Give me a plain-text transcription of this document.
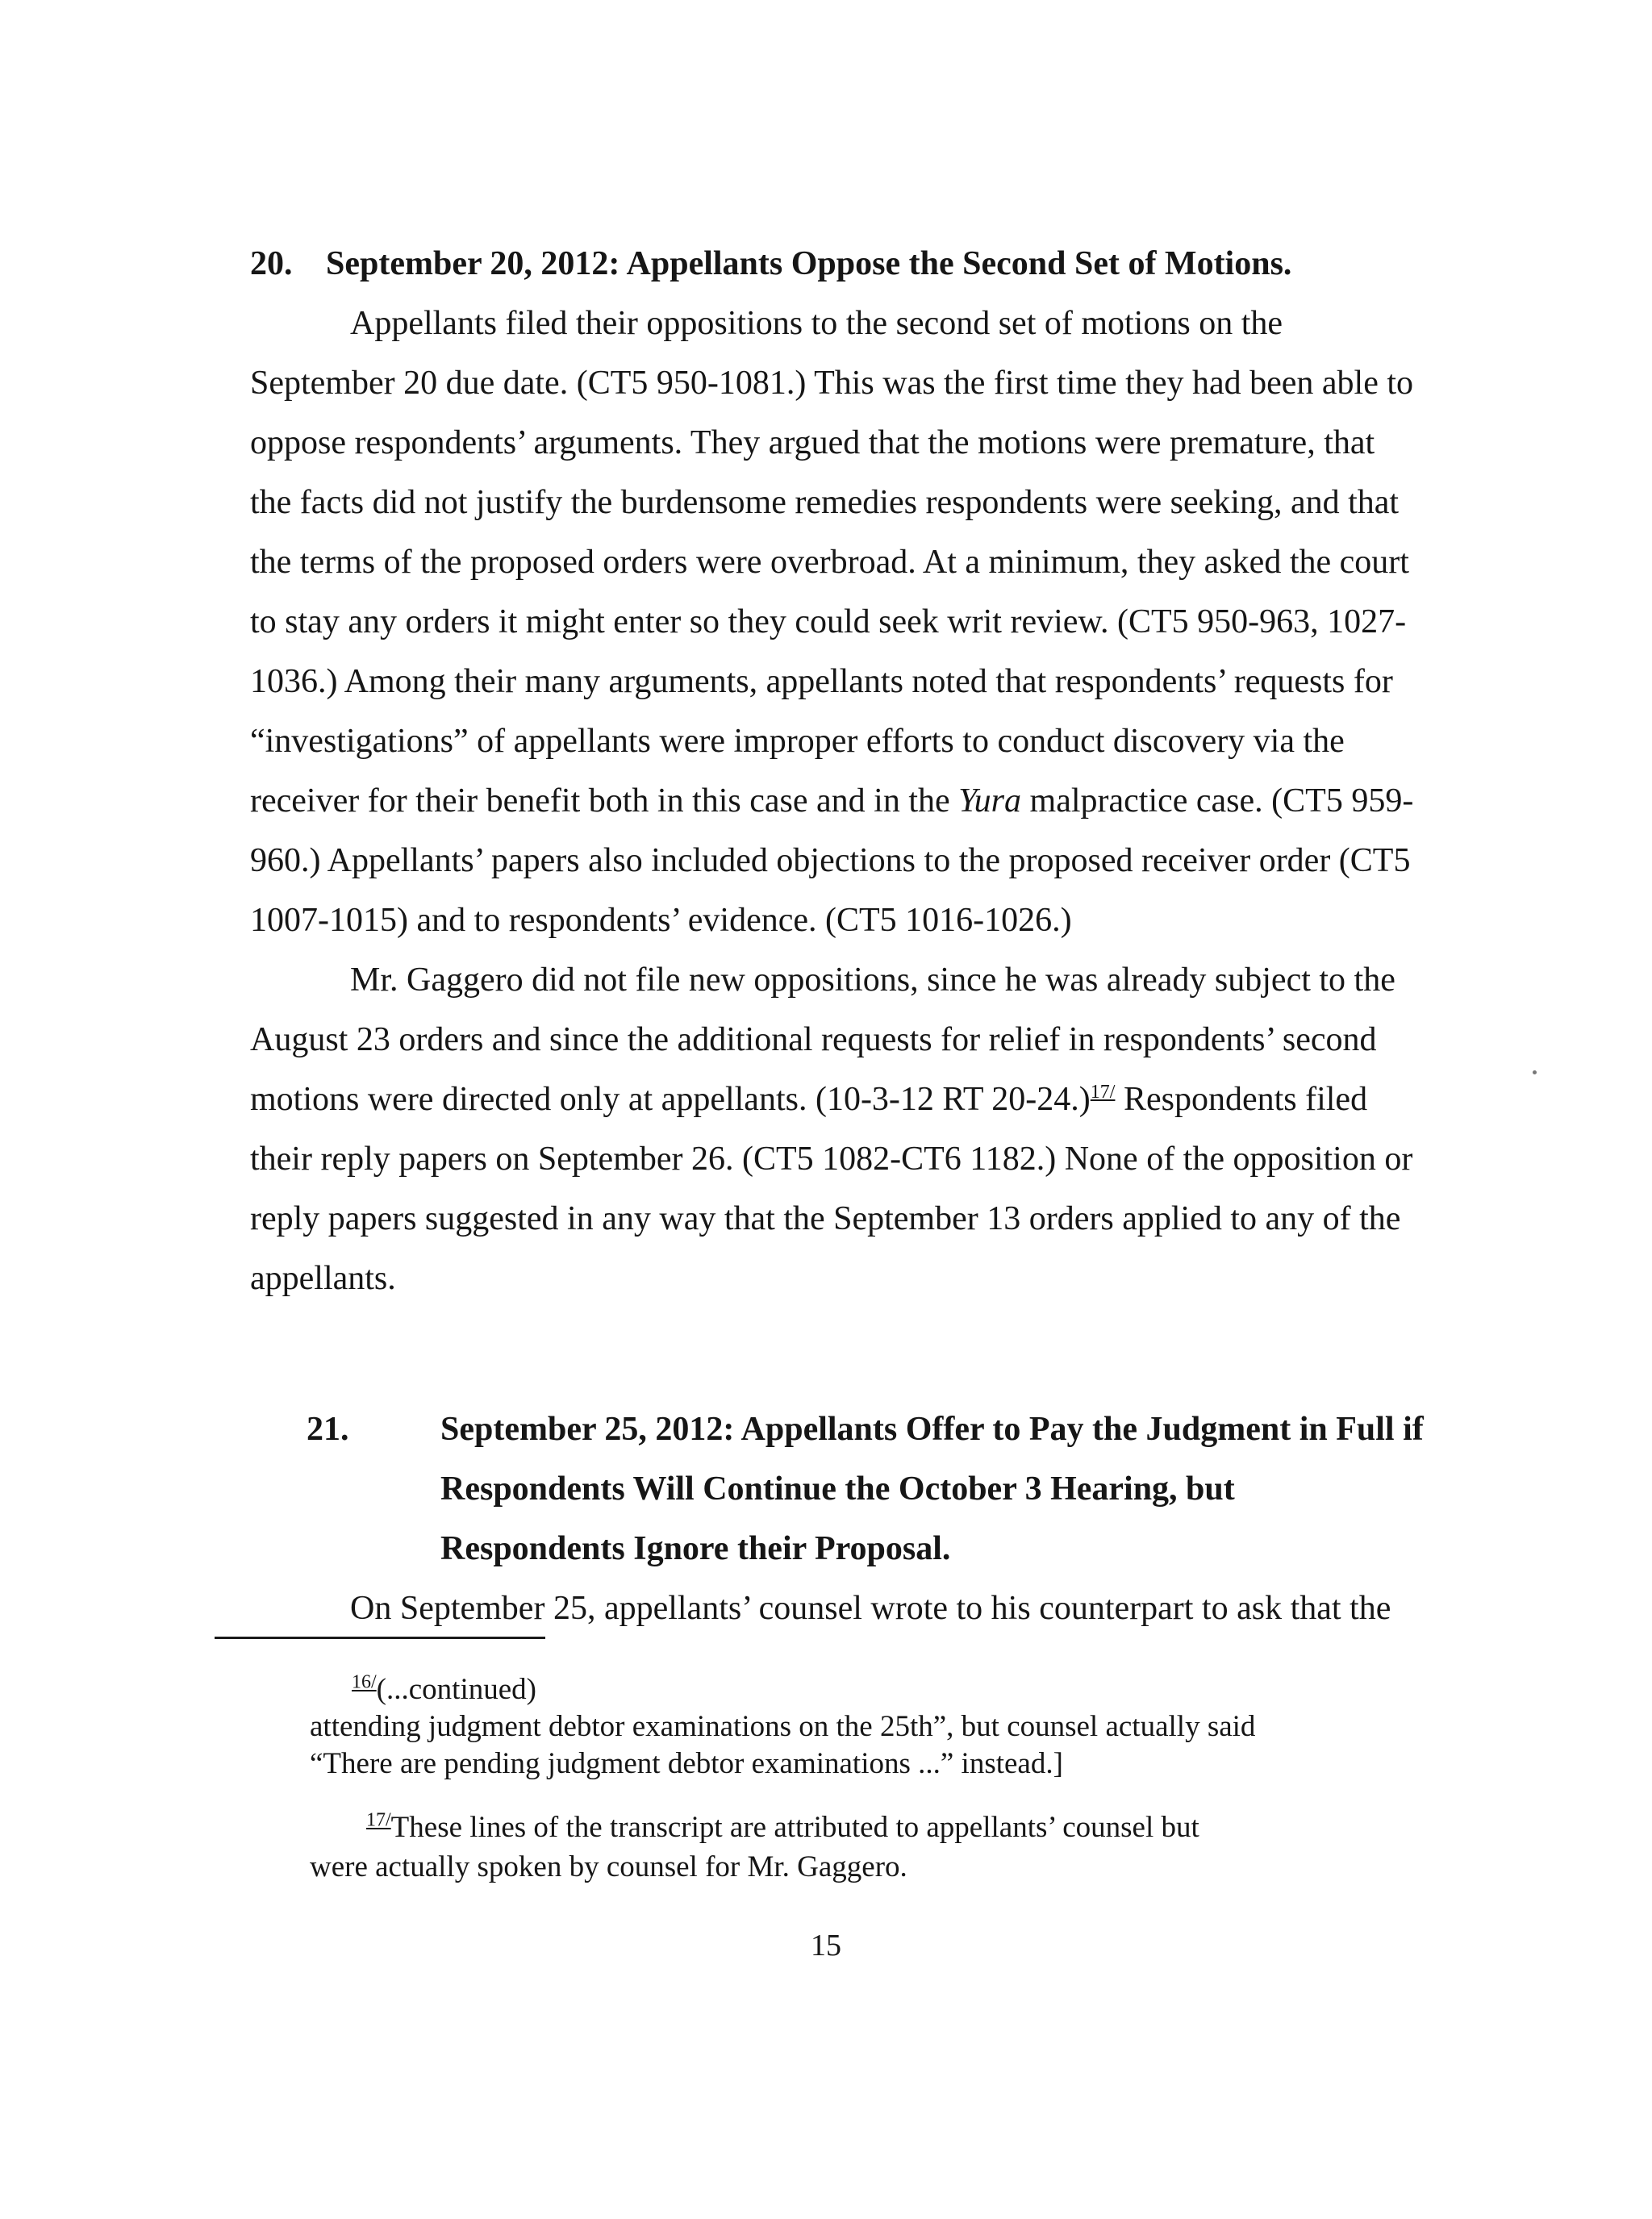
20. September 20, 2012: Appellants Oppose the Second Set of Motions.
Appellants filed their oppositions to the second set of motions on the
September 20 due date. (CT5 950-1081.) This was the first time they had been able to
oppose respondents’ arguments. They argued that the motions were premature, that
the facts did not justify the burdensome remedies respondents were seeking, and that
the terms of the proposed orders were overbroad. At a minimum, they asked the court
to stay any orders it might enter so they could seek writ review. (CT5 950-963, 1027-
1036.) Among their many arguments, appellants noted that respondents’ requests for
“investigations” of appellants were improper efforts to conduct discovery via the
receiver for their benefit both in this case and in the Yura malpractice case. (CT5 959-
960.) Appellants’ papers also included objections to the proposed receiver order (CT5
1007-1015) and to respondents’ evidence. (CT5 1016-1026.)
Mr. Gaggero did not file new oppositions, since he was already subject to the
August 23 orders and since the additional requests for relief in respondents’ second
motions were directed only at appellants. (10-3-12 RT 20-24.)$^{17/}$ Respondents filed
their reply papers on September 26. (CT5 1082-CT6 1182.) None of the opposition or
reply papers suggested in any way that the September 13 orders applied to any of the
appellants.
21.	September 25, 2012: Appellants Offer to Pay the Judgment in Full if
Respondents Will Continue the October 3 Hearing, but
Respondents Ignore their Proposal.
On September 25, appellants’ counsel wrote to his counterpart to ask that the
$^{16/}$(...continued)
attending judgment debtor examinations on the 25th”, but counsel actually said
“There are pending judgment debtor examinations ...” instead.]
$^{17/}$These lines of the transcript are attributed to appellants’ counsel but
were actually spoken by counsel for Mr. Gaggero.
15
